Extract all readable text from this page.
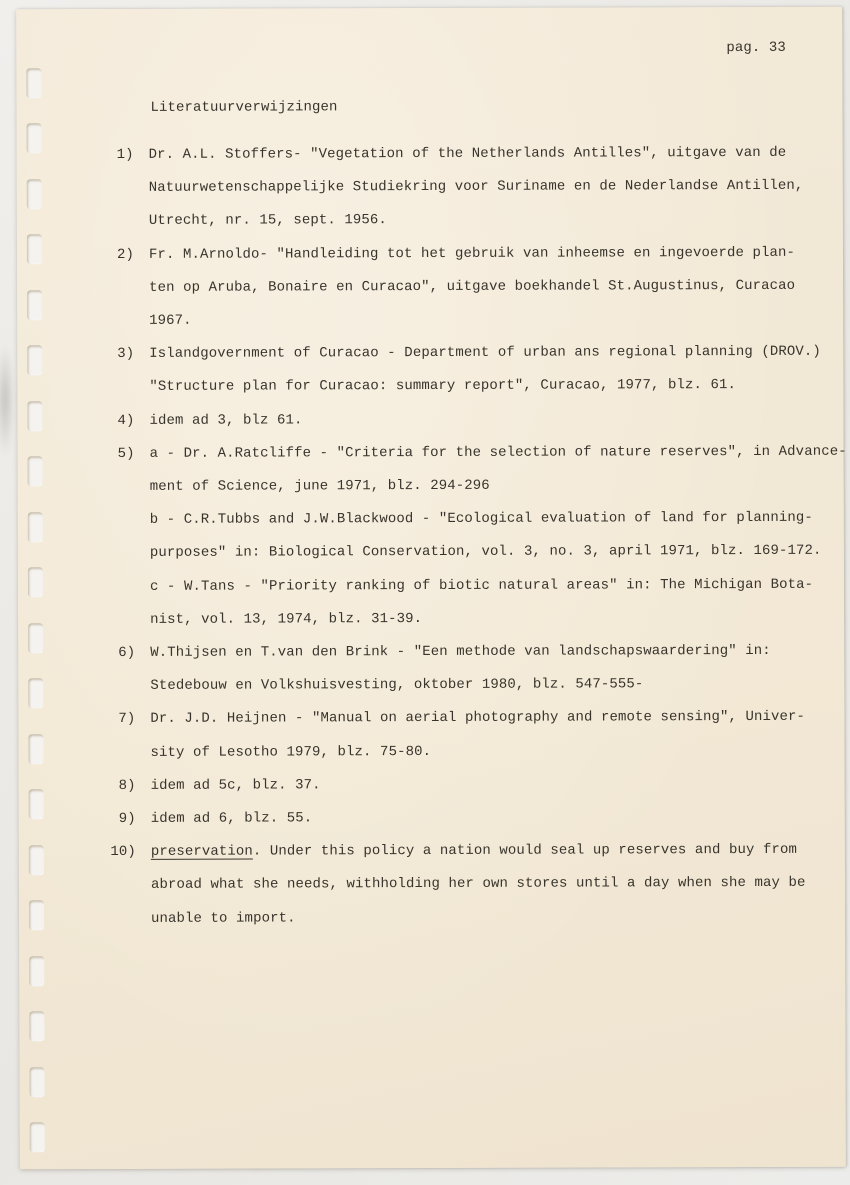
pag. 33
Literatuurverwijzingen
1) Dr. A.L. Stoffers- "Vegetation of the Netherlands Antilles", uitgave van de
Natuurwetenschappelijke Studiekring voor Suriname en de Nederlandse Antillen,
Utrecht, nr. 15, sept. 1956.
2) Fr. M.Arnoldo- "Handleiding tot het gebruik van inheemse en ingevoerde plan-
ten op Aruba, Bonaire en Curacao", uitgave boekhandel St.Augustinus, Curacao
1967.
3) Islandgovernment of Curacao - Department of urban ans regional planning (DROV.)
"Structure plan for Curacao: summary report", Curacao, 1977, blz. 61.
4) idem ad 3, blz 61.
5) a - Dr. A.Ratcliffe - "Criteria for the selection of nature reserves", in Advance-
ment of Science, june 1971, blz. 294-296
b - C.R.Tubbs and J.W.Blackwood - "Ecological evaluation of land for planning-
purposes" in: Biological Conservation, vol. 3, no. 3, april 1971, blz. 169-172.
c - W.Tans - "Priority ranking of biotic natural areas" in: The Michigan Bota-
nist, vol. 13, 1974, blz. 31-39.
6) W.Thijsen en T.van den Brink - "Een methode van landschapswaardering" in:
Stedebouw en Volkshuisvesting, oktober 1980, blz. 547-555-
7) Dr. J.D. Heijnen - "Manual on aerial photography and remote sensing", Univer-
sity of Lesotho 1979, blz. 75-80.
8) idem ad 5c, blz. 37.
9) idem ad 6, blz. 55.
10) preservation. Under this policy a nation would seal up reserves and buy from
abroad what she needs, withholding her own stores until a day when she may be
unable to import.
